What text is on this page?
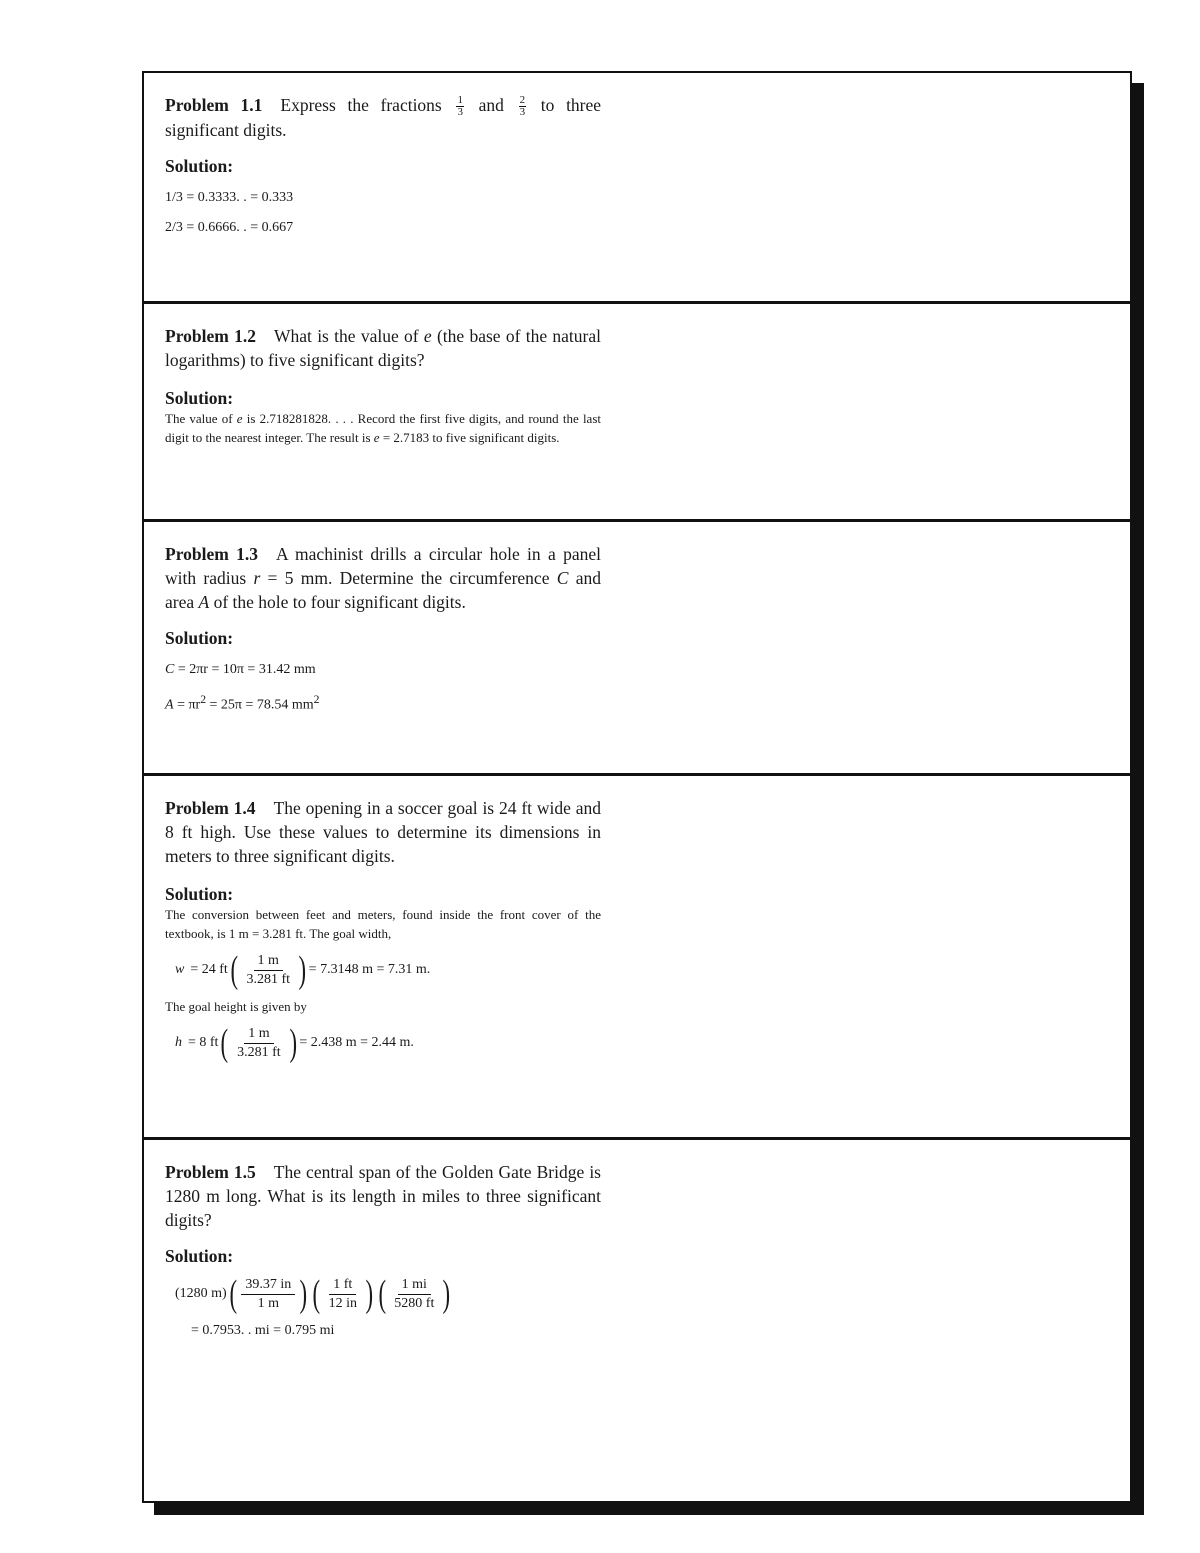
Problem 1.1 Express the fractions $\frac{1}{3}$ and $\frac{2}{3}$ to three significant digits.

Solution:

1/3 = 0.3333. . = 0.333

2/3 = 0.6666. . = 0.667

Problem 1.2 What is the value of e (the base of the natural logarithms) to five significant digits?

Solution:

The value of e is 2.718281828. . . . Record the first five digits, and round the last digit to the nearest integer. The result is e = 2.7183 to five significant digits.

Problem 1.3 A machinist drills a circular hole in a panel with radius r = 5 mm. Determine the circumference C and area A of the hole to four significant digits.

Solution:

C = 2πr = 10π = 31.42 mm

$A = \pi r^2 = 25\pi = 78.54$ $mm^2$

Problem 1.4 The opening in a soccer goal is 24 ft wide and 8 ft high. Use these values to determine its dimensions in meters to three significant digits.

Solution:

The conversion between feet and meters, found inside the front cover of the textbook, is 1 m = 3.281 ft. The goal width,

w = 24 ft ( $\frac{1 m}{3.281 ft}$ ) = 7.3148 m = 7.31 m.

The goal height is given by

h = 8 ft ( $\frac{1 m}{3.281 ft}$ ) = 2.438 m = 2.44 m.

Problem 1.5 The central span of the Golden Gate Bridge is 1280 m long. What is its length in miles to three significant digits?

Solution:
(1280 m) ( $\frac{39.37 in}{1 m}$ ) ( $\frac{1 ft}{12 in}$ ) ( $\frac{1 mi}{5280 ft}$ )

= 0.7953. . mi = 0.795 mi
